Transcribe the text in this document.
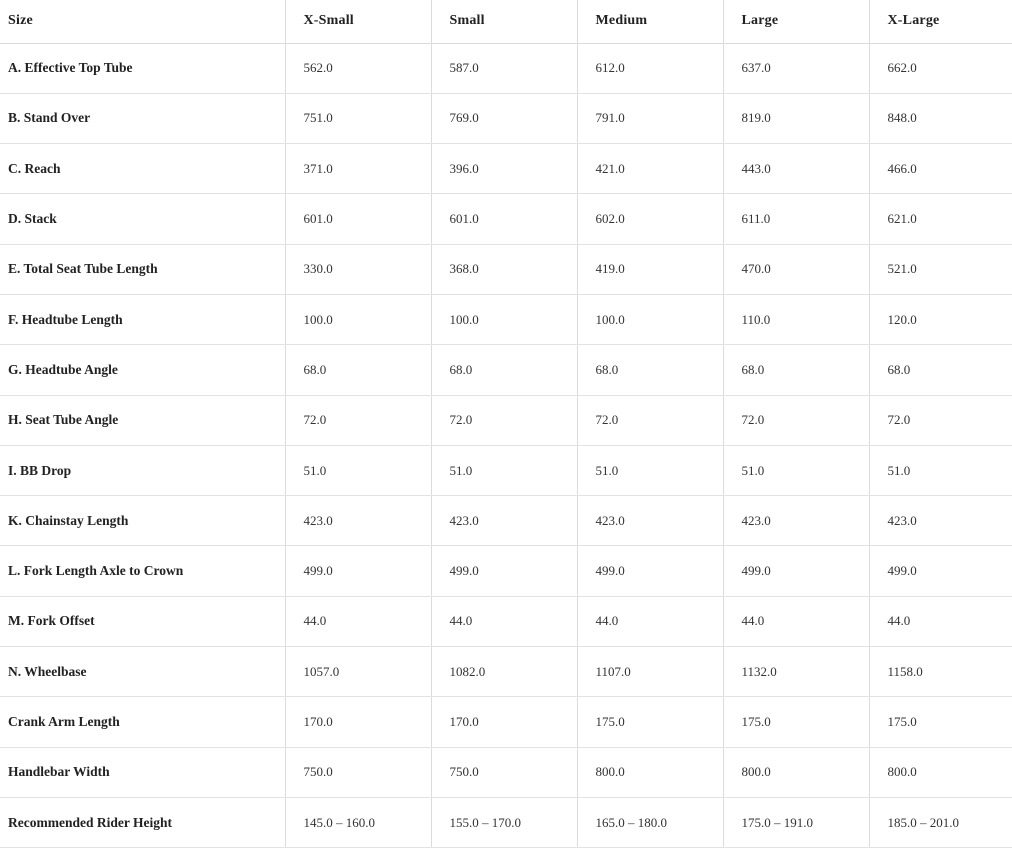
Size	X-Small	Small	Medium	Large	X-Large
A. Effective Top Tube	562.0	587.0	612.0	637.0	662.0
B. Stand Over	751.0	769.0	791.0	819.0	848.0
C. Reach	371.0	396.0	421.0	443.0	466.0
D. Stack	601.0	601.0	602.0	611.0	621.0
E. Total Seat Tube Length	330.0	368.0	419.0	470.0	521.0
F. Headtube Length	100.0	100.0	100.0	110.0	120.0
G. Headtube Angle	68.0	68.0	68.0	68.0	68.0
H. Seat Tube Angle	72.0	72.0	72.0	72.0	72.0
I. BB Drop	51.0	51.0	51.0	51.0	51.0
K. Chainstay Length	423.0	423.0	423.0	423.0	423.0
L. Fork Length Axle to Crown	499.0	499.0	499.0	499.0	499.0
M. Fork Offset	44.0	44.0	44.0	44.0	44.0
N. Wheelbase	1057.0	1082.0	1107.0	1132.0	1158.0
Crank Arm Length	170.0	170.0	175.0	175.0	175.0
Handlebar Width	750.0	750.0	800.0	800.0	800.0
Recommended Rider Height	145.0 – 160.0	155.0 – 170.0	165.0 – 180.0	175.0 – 191.0	185.0 – 201.0
